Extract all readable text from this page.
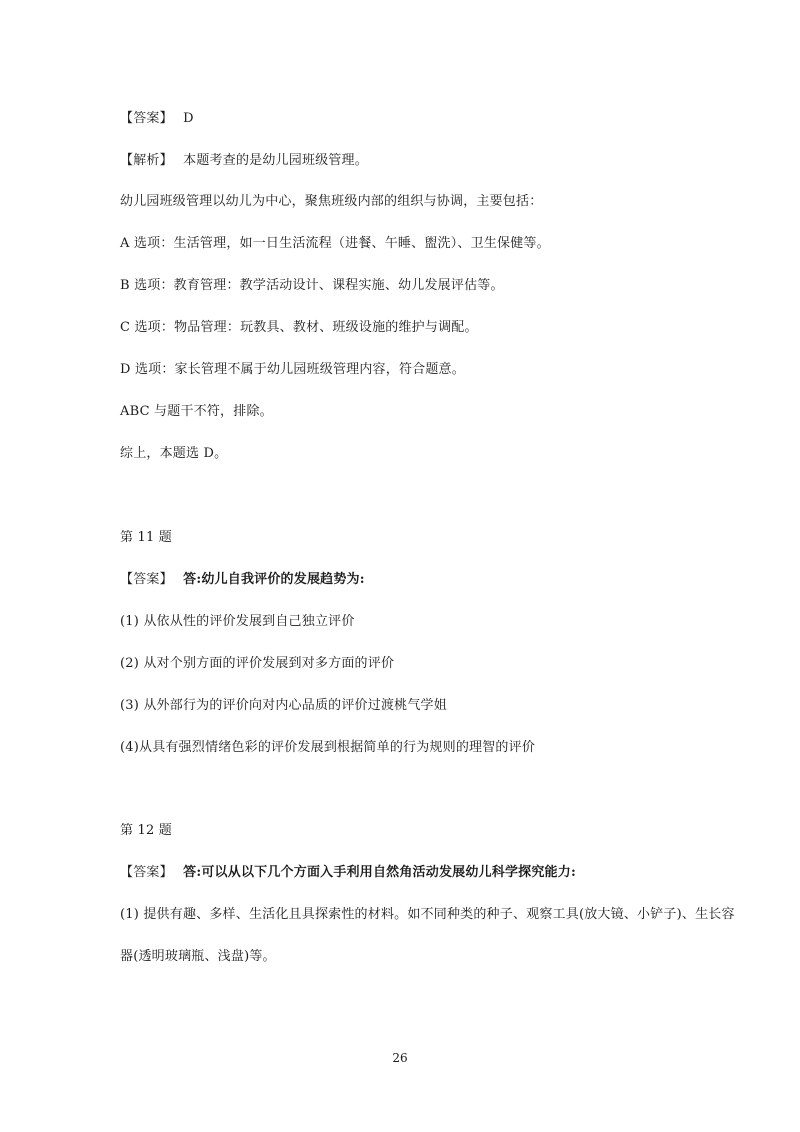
【答案】 D
【解析】 本题考查的是幼儿园班级管理。
幼儿园班级管理以幼儿为中心，聚焦班级内部的组织与协调，主要包括：
A 选项：生活管理，如一日生活流程（进餐、午睡、盥洗）、卫生保健等。
B 选项：教育管理：教学活动设计、课程实施、幼儿发展评估等。
C 选项：物品管理：玩教具、教材、班级设施的维护与调配。
D 选项：家长管理不属于幼儿园班级管理内容，符合题意。
ABC 与题干不符，排除。
综上，本题选 D。
第 11 题
【答案】 答:幼儿自我评价的发展趋势为:
(1) 从依从性的评价发展到自己独立评价
(2) 从对个别方面的评价发展到对多方面的评价
(3) 从外部行为的评价向对内心品质的评价过渡桃气学姐
(4)从具有强烈情绪色彩的评价发展到根据简单的行为规则的理智的评价
第 12 题
【答案】 答:可以从以下几个方面入手利用自然角活动发展幼儿科学探究能力:
(1) 提供有趣、多样、生活化且具探索性的材料。如不同种类的种子、观察工具(放大镜、小铲子)、生长容
器(透明玻璃瓶、浅盘)等。
26
